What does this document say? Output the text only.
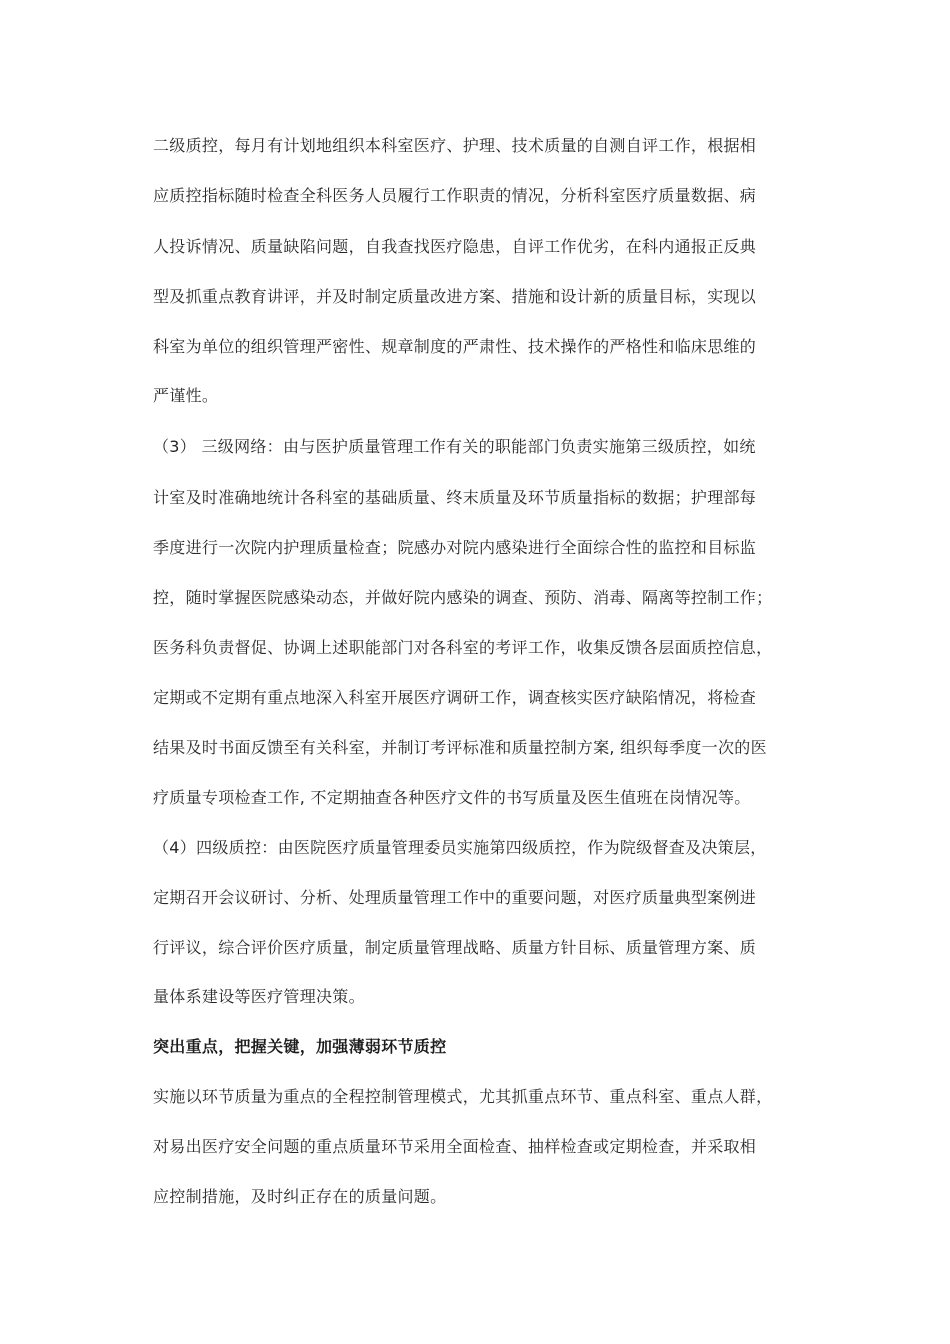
二级质控，每月有计划地组织本科室医疗、护理、技术质量的自测自评工作，根据相
应质控指标随时检查全科医务人员履行工作职责的情况，分析科室医疗质量数据、病
人投诉情况、质量缺陷问题，自我查找医疗隐患，自评工作优劣，在科内通报正反典
型及抓重点教育讲评，并及时制定质量改进方案、措施和设计新的质量目标，实现以
科室为单位的组织管理严密性、规章制度的严肃性、技术操作的严格性和临床思维的
严谨性。
（3） 三级网络：由与医护质量管理工作有关的职能部门负责实施第三级质控，如统
计室及时准确地统计各科室的基础质量、终末质量及环节质量指标的数据；护理部每
季度进行一次院内护理质量检查；院感办对院内感染进行全面综合性的监控和目标监
控，随时掌握医院感染动态，并做好院内感染的调查、预防、消毒、隔离等控制工作；
医务科负责督促、协调上述职能部门对各科室的考评工作，收集反馈各层面质控信息，
定期或不定期有重点地深入科室开展医疗调研工作，调查核实医疗缺陷情况，将检查
结果及时书面反馈至有关科室，并制订考评标准和质量控制方案, 组织每季度一次的医
疗质量专项检查工作, 不定期抽查各种医疗文件的书写质量及医生值班在岗情况等。
（4）四级质控：由医院医疗质量管理委员实施第四级质控，作为院级督查及决策层，
定期召开会议研讨、分析、处理质量管理工作中的重要问题，对医疗质量典型案例进
行评议，综合评价医疗质量，制定质量管理战略、质量方针目标、质量管理方案、质
量体系建设等医疗管理决策。
突出重点，把握关键，加强薄弱环节质控
实施以环节质量为重点的全程控制管理模式，尤其抓重点环节、重点科室、重点人群，
对易出医疗安全问题的重点质量环节采用全面检查、抽样检查或定期检查，并采取相
应控制措施，及时纠正存在的质量问题。
